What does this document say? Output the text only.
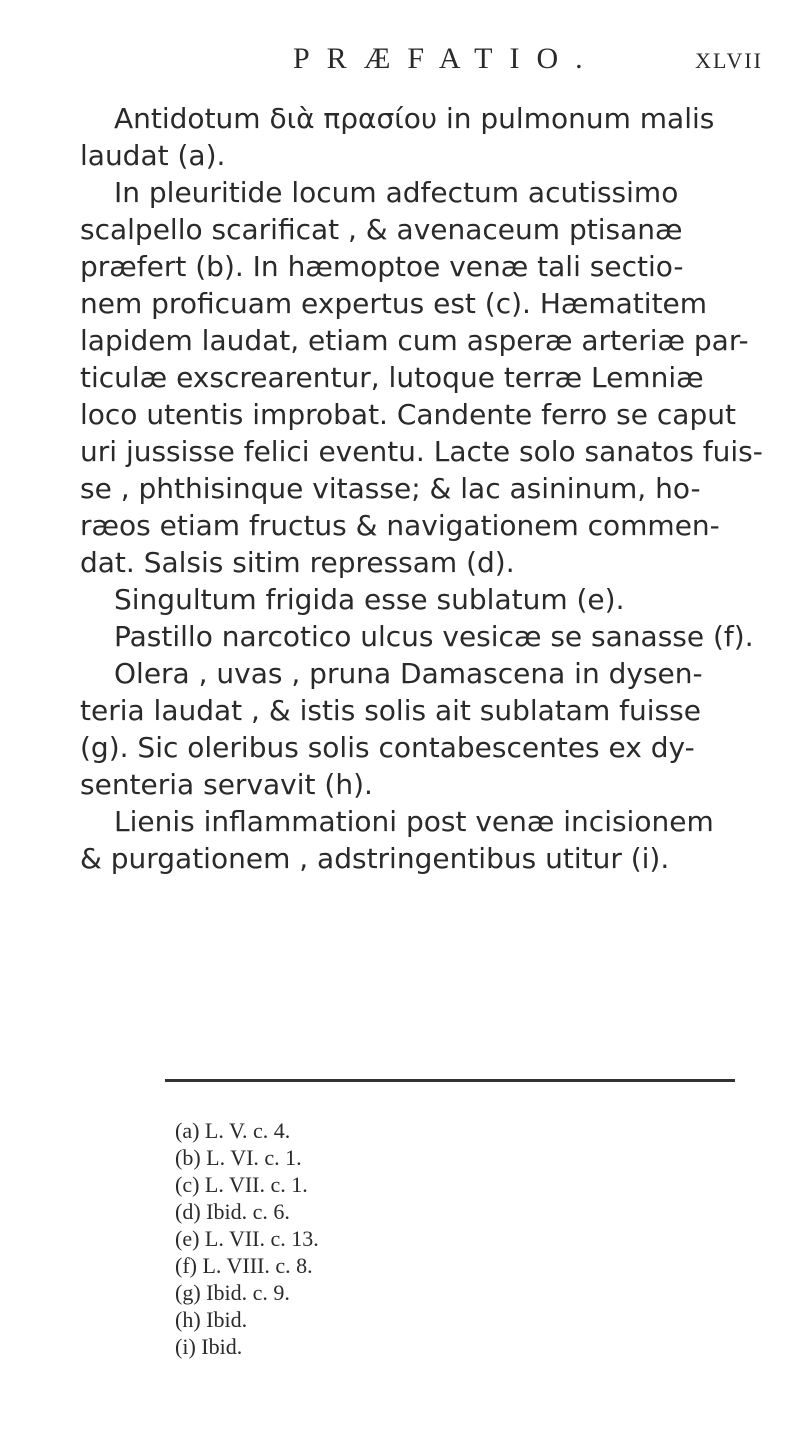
PRÆFATIO.	XLVII
Antidotum διὰ πρασίου in pulmonum malis
laudat (a).
In pleuritide locum adfectum acutissimo
scalpello scarificat , & avenaceum ptisanæ
præfert (b). In hæmoptoe venæ tali sectio-
nem proficuam expertus est (c). Hæmatitem
lapidem laudat, etiam cum asperæ arteriæ par-
ticulæ exscrearentur, lutoque terræ Lemniæ
loco utentis improbat. Candente ferro se caput
uri jussisse felici eventu. Lacte solo sanatos fuis-
se , phthisinque vitasse; & lac asininum, ho-
ræos etiam fructus & navigationem commen-
dat. Salsis sitim repressam (d).
Singultum frigida esse sublatum (e).
Pastillo narcotico ulcus vesicæ se sanasse (f).
Olera , uvas , pruna Damascena in dysen-
teria laudat , & istis solis ait sublatam fuisse
(g). Sic oleribus solis contabescentes ex dy-
senteria servavit (h).
Lienis inflammationi post venæ incisionem
& purgationem , adstringentibus utitur (i).
(a) L. V. c. 4.
(b) L. VI. c. 1.
(c) L. VII. c. 1.
(d) Ibid. c. 6.
(e) L. VII. c. 13.
(f) L. VIII. c. 8.
(g) Ibid. c. 9.
(h) Ibid.
(i) Ibid.
